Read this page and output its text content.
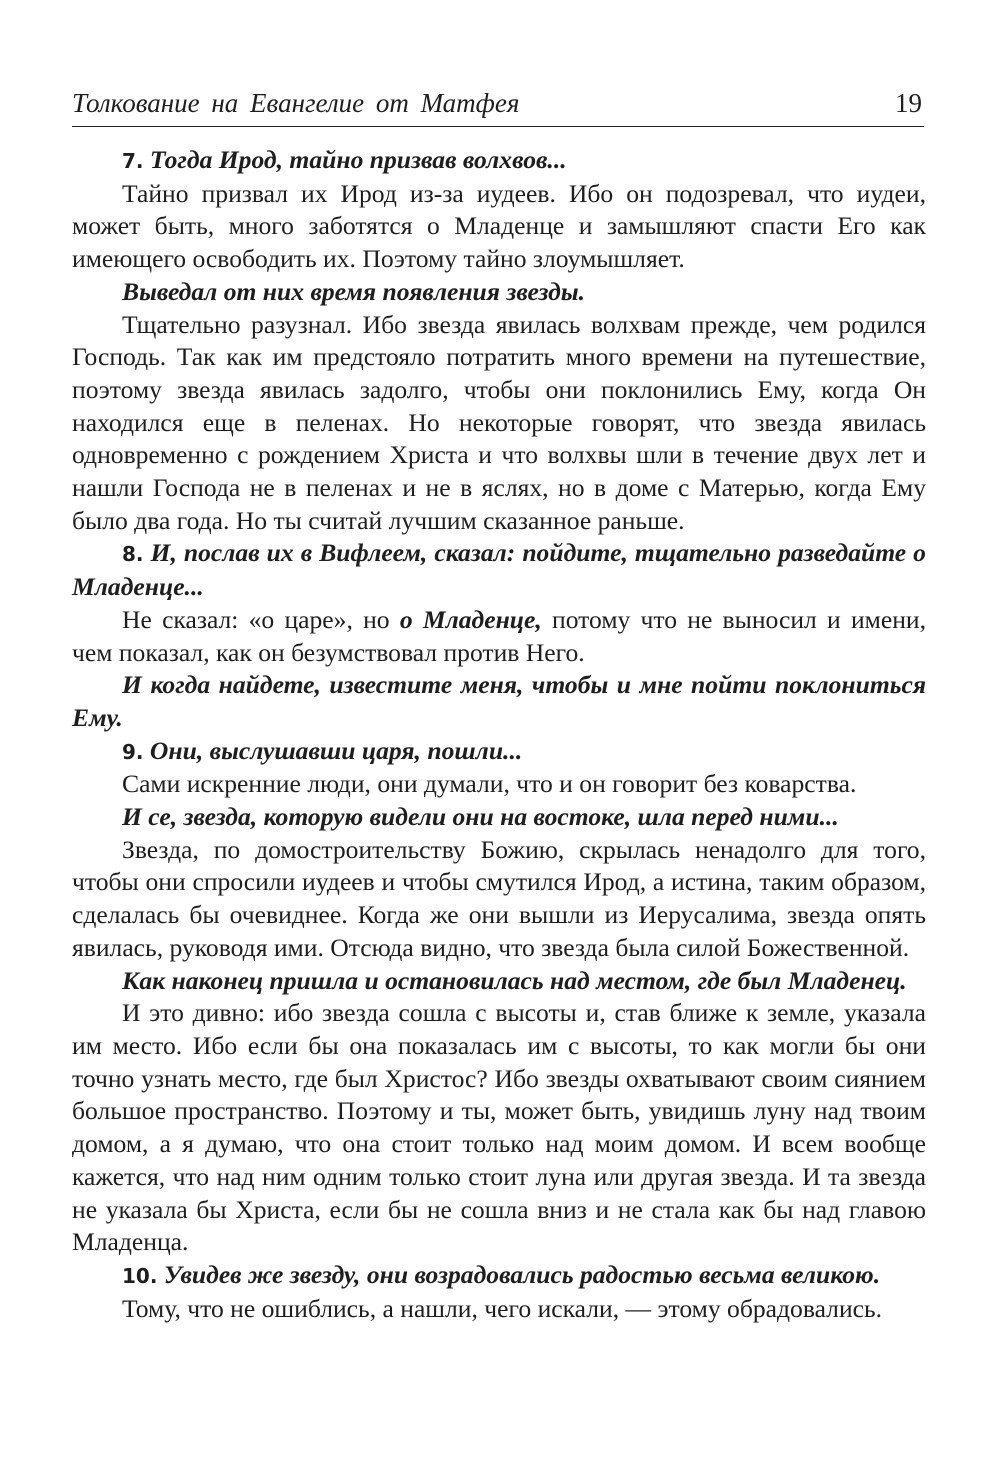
Толкование на Евангелие от Матфея	19

7. Тогда Ирод, тайно призвав волхвов...

Тайно призвал их Ирод из-за иудеев. Ибо он подозревал, что иудеи, может быть, много заботятся о Младенце и замышляют спасти Его как имеющего освободить их. Поэтому тайно злоумышляет.

Выведал от них время появления звезды.

Тщательно разузнал. Ибо звезда явилась волхвам прежде, чем родился Господь. Так как им предстояло потратить много времени на путешествие, поэтому звезда явилась задолго, чтобы они поклонились Ему, когда Он находился еще в пеленах. Но некоторые говорят, что звезда явилась одновременно с рождением Христа и что волхвы шли в течение двух лет и нашли Господа не в пеленах и не в яслях, но в доме с Матерью, когда Ему было два года. Но ты считай лучшим сказанное раньше.

8. И, послав их в Вифлеем, сказал: пойдите, тщательно разведайте о Младенце...

Не сказал: «о царе», но о Младенце, потому что не выносил и имени, чем показал, как он безумствовал против Него.

И когда найдете, известите меня, чтобы и мне пойти поклониться Ему.

9. Они, выслушавши царя, пошли...

Сами искренние люди, они думали, что и он говорит без коварства.

И се, звезда, которую видели они на востоке, шла перед ними...

Звезда, по домостроительству Божию, скрылась ненадолго для того, чтобы они спросили иудеев и чтобы смутился Ирод, а истина, таким образом, сделалась бы очевиднее. Когда же они вышли из Иерусалима, звезда опять явилась, руководя ими. Отсюда видно, что звезда была силой Божественной.

Как наконец пришла и остановилась над местом, где был Младенец.

И это дивно: ибо звезда сошла с высоты и, став ближе к земле, указала им место. Ибо если бы она показалась им с высоты, то как могли бы они точно узнать место, где был Христос? Ибо звезды охватывают своим сиянием большое пространство. Поэтому и ты, может быть, увидишь луну над твоим домом, а я думаю, что она стоит только над моим домом. И всем вообще кажется, что над ним одним только стоит луна или другая звезда. И та звезда не указала бы Христа, если бы не сошла вниз и не стала как бы над главою Младенца.

10. Увидев же звезду, они возрадовались радостью весьма великою.

Тому, что не ошиблись, а нашли, чего искали, — этому обрадовались.
